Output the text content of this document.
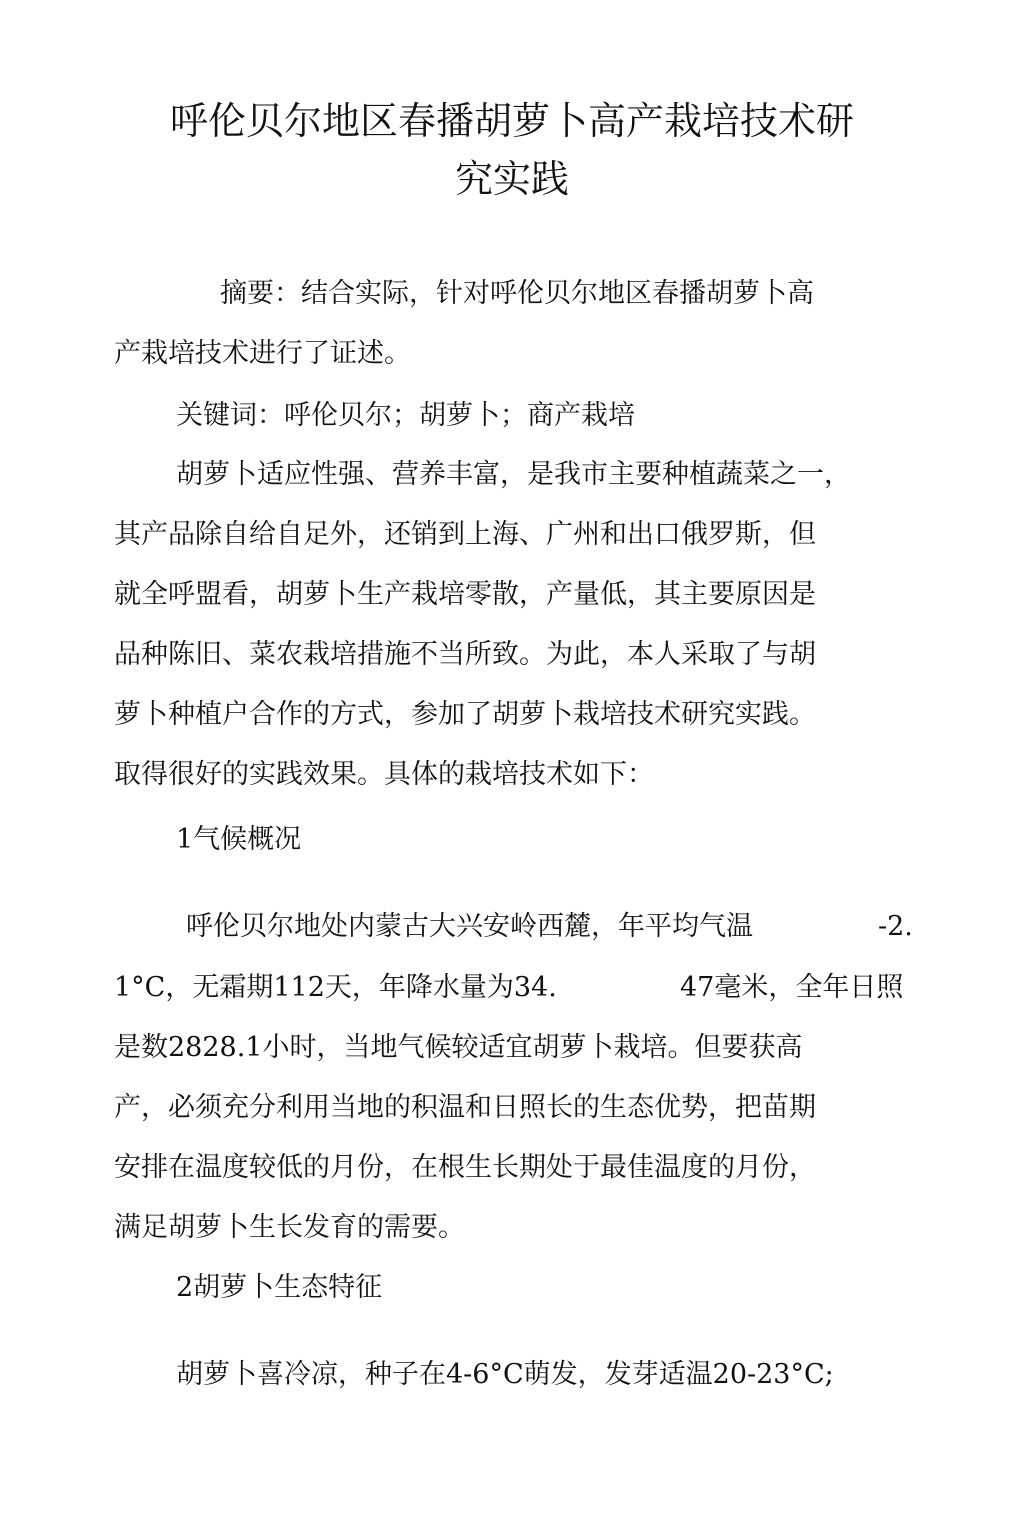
呼伦贝尔地区春播胡萝卜高产栽培技术研
究实践
摘要：结合实际，针对呼伦贝尔地区春播胡萝卜高
产栽培技术进行了证述。
关键词：呼伦贝尔；胡萝卜；商产栽培
胡萝卜适应性强、营养丰富，是我市主要种植蔬菜之一，
其产品除自给自足外，还销到上海、广州和出口俄罗斯，但
就全呼盟看，胡萝卜生产栽培零散，产量低，其主要原因是
品种陈旧、菜农栽培措施不当所致。为此，本人采取了与胡
萝卜种植户合作的方式，参加了胡萝卜栽培技术研究实践。
取得很好的实践效果。具体的栽培技术如下：
1气候概况
呼伦贝尔地处内蒙古大兴安岭西麓，年平均气温	-2.
1°C，无霜期112天，年降水量为34.	47毫米，全年日照
是数2828.1小时，当地气候较适宜胡萝卜栽培。但要获高
产，必须充分利用当地的积温和日照长的生态优势，把苗期
安排在温度较低的月份，在根生长期处于最佳温度的月份，
满足胡萝卜生长发育的需要。
2胡萝卜生态特征
胡萝卜喜冷凉，种子在4-6°C萌发，发芽适温20-23°C;
